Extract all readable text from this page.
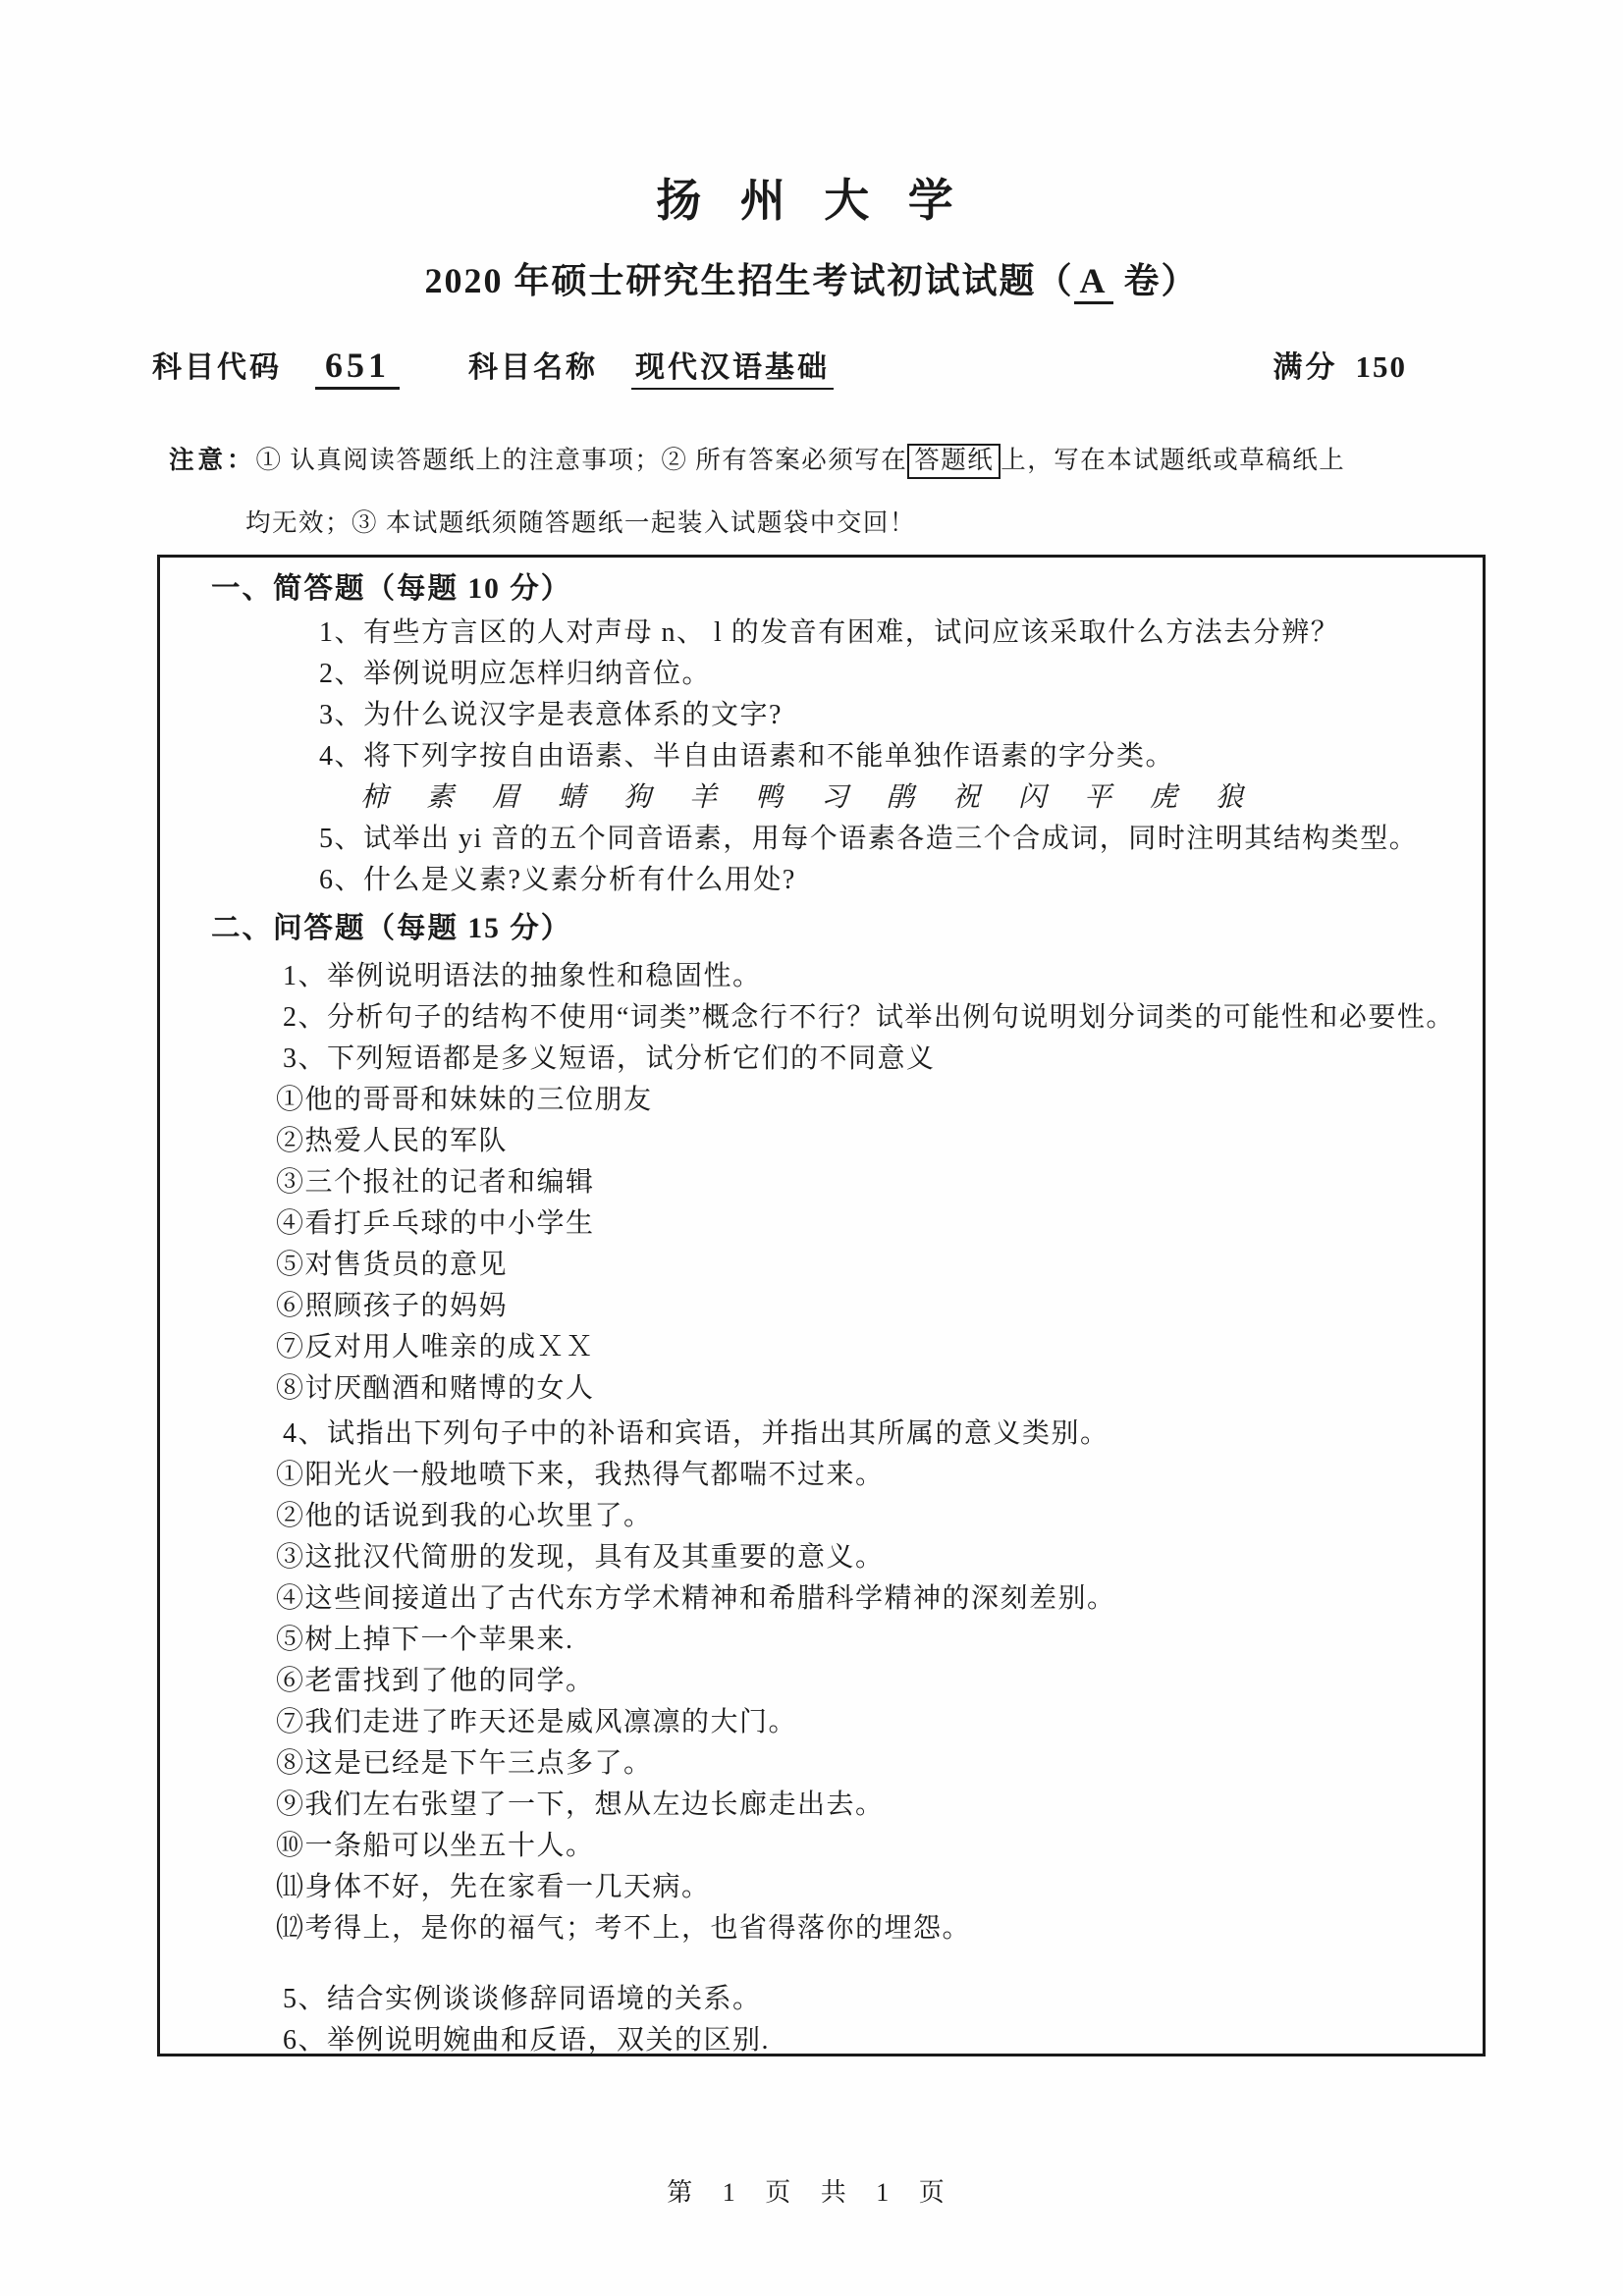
扬 州 大 学
2020 年硕士研究生招生考试初试试题（ A 卷）
科目代码 651	科目名称 现代汉语基础	满分 150
注意：① 认真阅读答题纸上的注意事项；② 所有答案必须写在 答题纸 上，写在本试题纸或草稿纸上
均无效；③ 本试题纸须随答题纸一起装入试题袋中交回！
一、简答题（每题 10 分）
1、有些方言区的人对声母 n、 l 的发音有困难，试问应该采取什么方法去分辨？
2、举例说明应怎样归纳音位。
3、为什么说汉字是表意体系的文字?
4、将下列字按自由语素、半自由语素和不能单独作语素的字分类。
柿 素 眉 蜻 狗 羊 鸭 习 鹃 祝 闪 平 虎 狼
5、试举出 yi 音的五个同音语素，用每个语素各造三个合成词，同时注明其结构类型。
6、什么是义素?义素分析有什么用处?
二、问答题（每题 15 分）
1、举例说明语法的抽象性和稳固性。
2、分析句子的结构不使用“词类”概念行不行？试举出例句说明划分词类的可能性和必要性。
3、下列短语都是多义短语，试分析它们的不同意义
①他的哥哥和妹妹的三位朋友
②热爱人民的军队
③三个报社的记者和编辑
④看打乒乓球的中小学生
⑤对售货员的意见
⑥照顾孩子的妈妈
⑦反对用人唯亲的成ＸＸ
⑧讨厌酗酒和赌博的女人
4、试指出下列句子中的补语和宾语，并指出其所属的意义类别。
①阳光火一般地喷下来，我热得气都喘不过来。
②他的话说到我的心坎里了。
③这批汉代简册的发现，具有及其重要的意义。
④这些间接道出了古代东方学术精神和希腊科学精神的深刻差别。
⑤树上掉下一个苹果来.
⑥老雷找到了他的同学。
⑦我们走进了昨天还是威风凛凛的大门。
⑧这是已经是下午三点多了。
⑨我们左右张望了一下，想从左边长廊走出去。
⑩一条船可以坐五十人。
⑾身体不好，先在家看一几天病。
⑿考得上，是你的福气；考不上，也省得落你的埋怨。
5、结合实例谈谈修辞同语境的关系。
6、举例说明婉曲和反语，双关的区别.
第 1 页 共 1 页
